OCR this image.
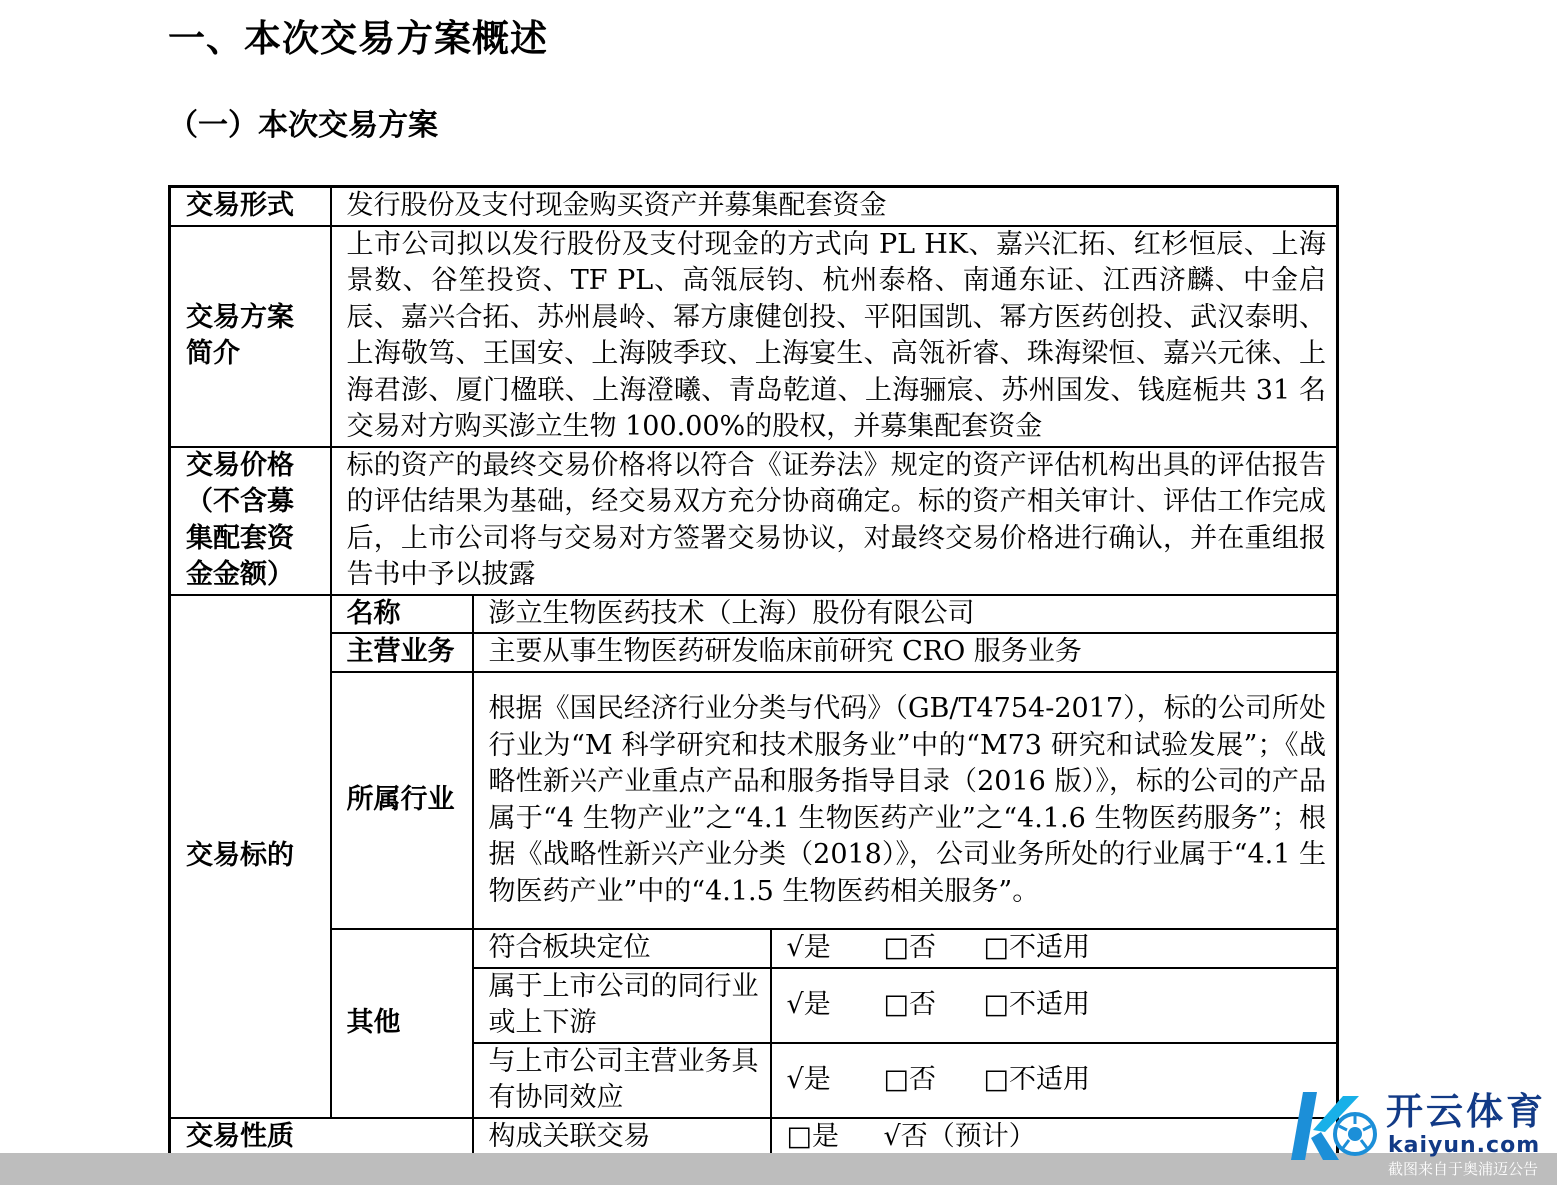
一、本次交易方案概述
（一）本次交易方案
交易形式	发行股份及支付现金购买资产并募集配套资金		
交易方案
简介	上市公司拟以发行股份及支付现金的方式向 PL HK、嘉兴汇拓、红杉恒辰、上海景数、谷笙投资、TF PL、高瓴辰钧、杭州泰格、南通东证、江西济麟、中金启辰、嘉兴合拓、苏州晨岭、幂方康健创投、平阳国凯、幂方医药创投、武汉泰明、上海敬笃、王国安、上海陂季玟、上海宴生、高瓴祈睿、珠海梁恒、嘉兴元徕、上海君澎、厦门楹联、上海澄曦、青岛乾道、上海骊宸、苏州国发、钱庭栀共 31 名交易对方购买澎立生物 100.00%的股权，并募集配套资金		
交易价格
（不含募
集配套资
金金额）	标的资产的最终交易价格将以符合《证券法》规定的资产评估机构出具的评估报告的评估结果为基础，经交易双方充分协商确定。标的资产相关审计、评估工作完成后，上市公司将与交易对方签署交易协议，对最终交易价格进行确认，并在重组报告书中予以披露		
交易标的	名称	澎立生物医药技术（上海）股份有限公司	
	主营业务	主要从事生物医药研发临床前研究 CRO 服务业务	
	所属行业	根据《国民经济行业分类与代码》（GB/T4754-2017），标的公司所处行业为“M 科学研究和技术服务业”中的“M73 研究和试验发展”；《战略性新兴产业重点产品和服务指导目录（2016 版）》，标的公司的产品属于“4 生物产业”之“4.1 生物医药产业”之“4.1.6 生物医药服务”；根据《战略性新兴产业分类（2018）》，公司业务所处的行业属于“4.1 生物医药产业”中的“4.1.5 生物医药相关服务”。	
	其他	符合板块定位	√是 □否 □不适用
		属于上市公司的同行业或上下游	√是 □否 □不适用
		与上市公司主营业务具有协同效应	√是 □否 □不适用
交易性质		构成关联交易	□是 √否（预计）
开云体育
kaiyun.com
截图来自于奥浦迈公告
